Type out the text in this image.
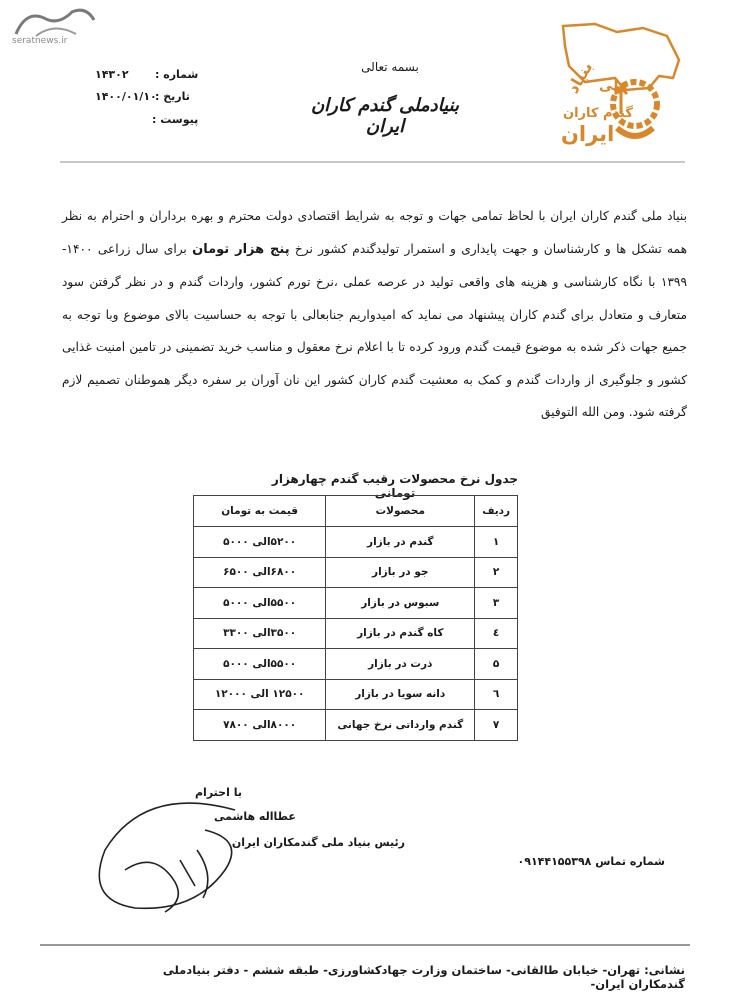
seratnews.ir
بنیاد ملی
گندم کاران
ایران
بسمه تعالی
بنیادملی گندم کاران ایران
شماره :
۱۴۳۰۲
تاریخ :
۱۴۰۰/۰۱/۱۰
پیوست :
بنیاد ملی گندم کاران ایران با لحاظ تمامی جهات و توجه به شرایط اقتصادی دولت محترم و بهره برداران و احترام به نظر همه تشکل ها و کارشناسان و جهت پایداری و استمرار تولیدگندم کشور نرخ پنج هزار تومان برای سال زراعی ۱۴۰۰- ۱۳۹۹ با نگاه کارشناسی و هزینه های واقعی تولید در عرصه عملی ،نرخ تورم کشور، واردات گندم و در نظر گرفتن سود متعارف و متعادل برای گندم کاران پیشنهاد می نماید که امیدواریم جنابعالی با توجه به حساسیت بالای موضوع وبا توجه به جمیع جهات ذکر شده به موضوع قیمت گندم ورود کرده تا با اعلام نرخ معقول و مناسب خرید تضمینی در تامین امنیت غذایی کشور و جلوگیری از واردات گندم و کمک به معشیت گندم کاران کشور این نان آوران بر سفره دیگر هموطنان تصمیم لازم گرفته شود. ومن الله التوفیق
جدول نرخ محصولات رقیب گندم چهارهزار تومانی
ردیف	محصولات	قیمت به تومان
۱	گندم در بازار	۵۲۰۰الی ۵۰۰۰
۲	جو در بازار	۶۸۰۰الی ۶۵۰۰
۳	سبوس در بازار	۵۵۰۰الی ۵۰۰۰
٤	کاه گندم در بازار	۳۵۰۰الی ۳۳۰۰
۵	ذرت در بازار	۵۵۰۰الی ۵۰۰۰
٦	دانه سویا در بازار	۱۲۵۰۰ الی ۱۲۰۰۰
۷	گندم وارداتی نرخ جهانی	۸۰۰۰الی ۷۸۰۰
با احترام
عطااله هاشمی
رئیس بنیاد ملی گندمکاران ایران
شماره تماس ۰۹۱۴۴۱۵۵۳۹۸
نشانی: تهران- خیابان طالقانی- ساختمان وزارت جهادکشاورزی- طبقه ششم - دفتر بنیادملی گندمکاران ایران-
